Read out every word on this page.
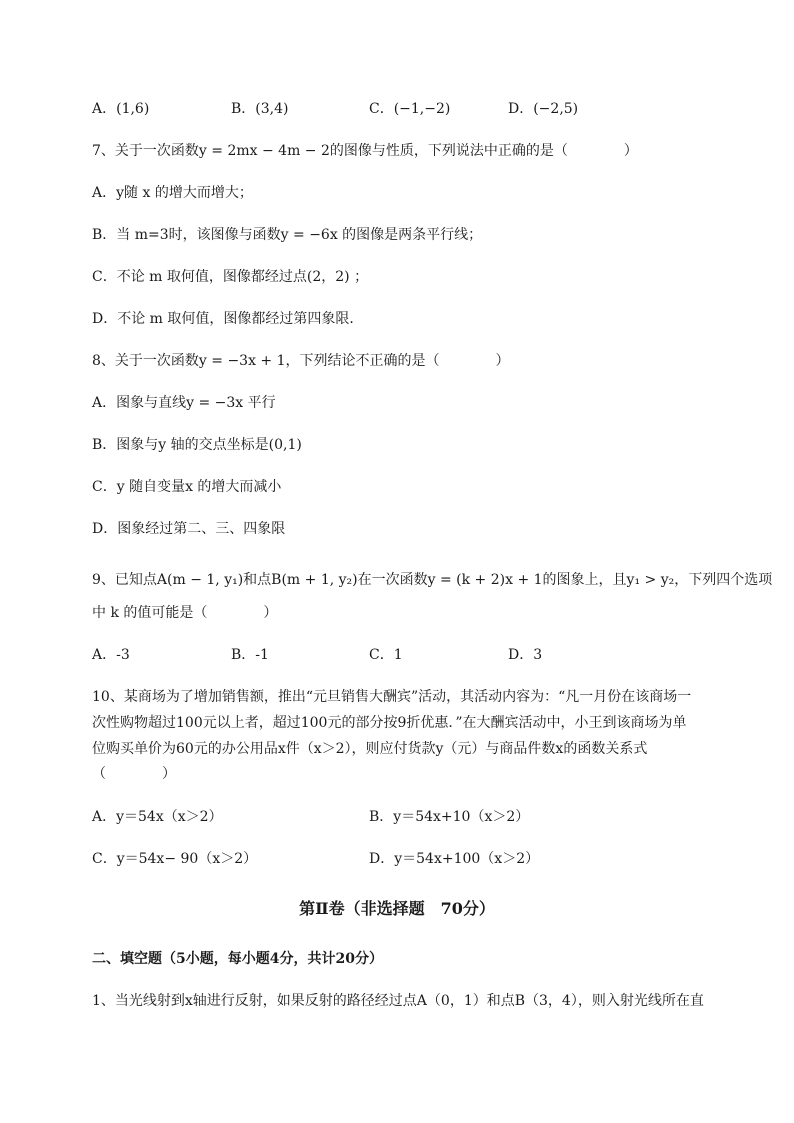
A．(1,6)	B．(3,4)	C．(−1,−2)	D．(−2,5)
7、关于一次函数y = 2mx − 4m − 2的图像与性质，下列说法中正确的是（　　　　）
A．y随 x 的增大而增大；
B．当 m=3时，该图像与函数y = −6x 的图像是两条平行线；
C．不论 m 取何值，图像都经过点(2，2) ；
D．不论 m 取何值，图像都经过第四象限．
8、关于一次函数y = −3x + 1，下列结论不正确的是（　　　　）
A．图象与直线y = −3x 平行
B．图象与y 轴的交点坐标是(0,1)
C．y 随自变量x 的增大而减小
D．图象经过第二、三、四象限
9、已知点A(m − 1, y₁)和点B(m + 1, y₂)在一次函数y = (k + 2)x + 1的图象上，且y₁ > y₂，下列四个选项
中 k 的值可能是（　　　　）
A．-3	B．-1	C．1	D．3
10、某商场为了增加销售额，推出“元旦销售大酬宾”活动，其活动内容为：“凡一月份在该商场一
次性购物超过100元以上者，超过100元的部分按9折优惠．”在大酬宾活动中，小王到该商场为单
位购买单价为60元的办公用品x件（x＞2），则应付货款y（元）与商品件数x的函数关系式
（　　　　）
A．y＝54x（x＞2）	B．y＝54x+10（x＞2）
C．y＝54x− 90（x＞2）	D．y＝54x+100（x＞2）
第Ⅱ卷（非选择题　70分）
二、填空题（5小题，每小题4分，共计20分）
1、当光线射到x轴进行反射，如果反射的路径经过点A（0，1）和点B（3，4），则入射光线所在直
